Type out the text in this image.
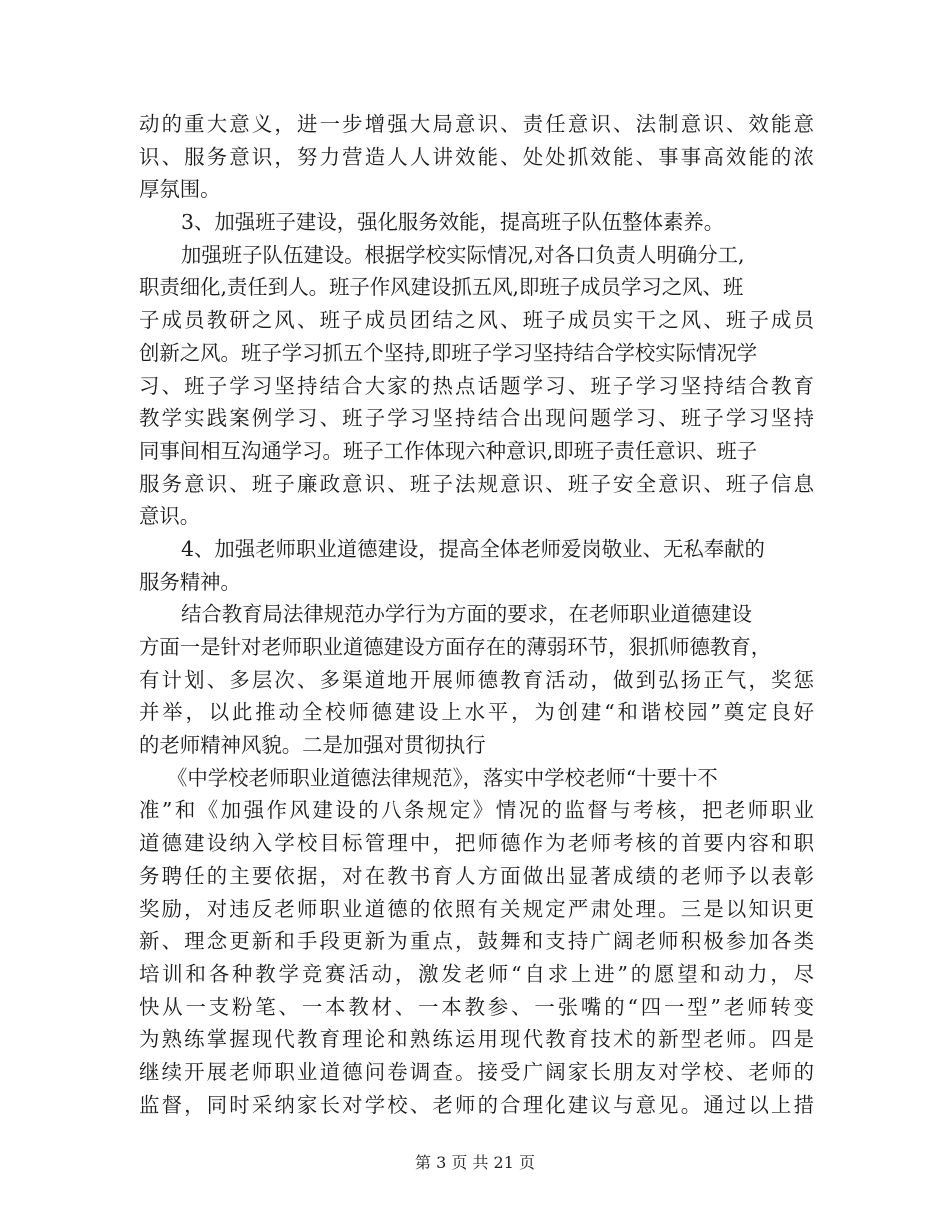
动的重大意义，进一步增强大局意识、责任意识、法制意识、效能意
识、服务意识，努力营造人人讲效能、处处抓效能、事事高效能的浓
厚氛围。
3、加强班子建设，强化服务效能，提高班子队伍整体素养。
加强班子队伍建设。根据学校实际情况,对各口负责人明确分工,
职责细化,责任到人。班子作风建设抓五风,即班子成员学习之风、班
子成员教研之风、班子成员团结之风、班子成员实干之风、班子成员
创新之风。班子学习抓五个坚持,即班子学习坚持结合学校实际情况学
习、班子学习坚持结合大家的热点话题学习、班子学习坚持结合教育
教学实践案例学习、班子学习坚持结合出现问题学习、班子学习坚持
同事间相互沟通学习。班子工作体现六种意识,即班子责任意识、班子
服务意识、班子廉政意识、班子法规意识、班子安全意识、班子信息
意识。
4、加强老师职业道德建设，提高全体老师爱岗敬业、无私奉献的
服务精神。
结合教育局法律规范办学行为方面的要求，在老师职业道德建设
方面一是针对老师职业道德建设方面存在的薄弱环节，狠抓师德教育，
有计划、多层次、多渠道地开展师德教育活动，做到弘扬正气，奖惩
并举，以此推动全校师德建设上水平，为创建“和谐校园”奠定良好
的老师精神风貌。二是加强对贯彻执行
《中学校老师职业道德法律规范》，落实中学校老师“十要十不
准”和《加强作风建设的八条规定》情况的监督与考核，把老师职业
道德建设纳入学校目标管理中，把师德作为老师考核的首要内容和职
务聘任的主要依据，对在教书育人方面做出显著成绩的老师予以表彰
奖励，对违反老师职业道德的依照有关规定严肃处理。三是以知识更
新、理念更新和手段更新为重点，鼓舞和支持广阔老师积极参加各类
培训和各种教学竞赛活动，激发老师“自求上进”的愿望和动力，尽
快从一支粉笔、一本教材、一本教参、一张嘴的“四一型”老师转变
为熟练掌握现代教育理论和熟练运用现代教育技术的新型老师。四是
继续开展老师职业道德问卷调查。接受广阔家长朋友对学校、老师的
监督，同时采纳家长对学校、老师的合理化建议与意见。通过以上措
第 3 页 共 21 页
